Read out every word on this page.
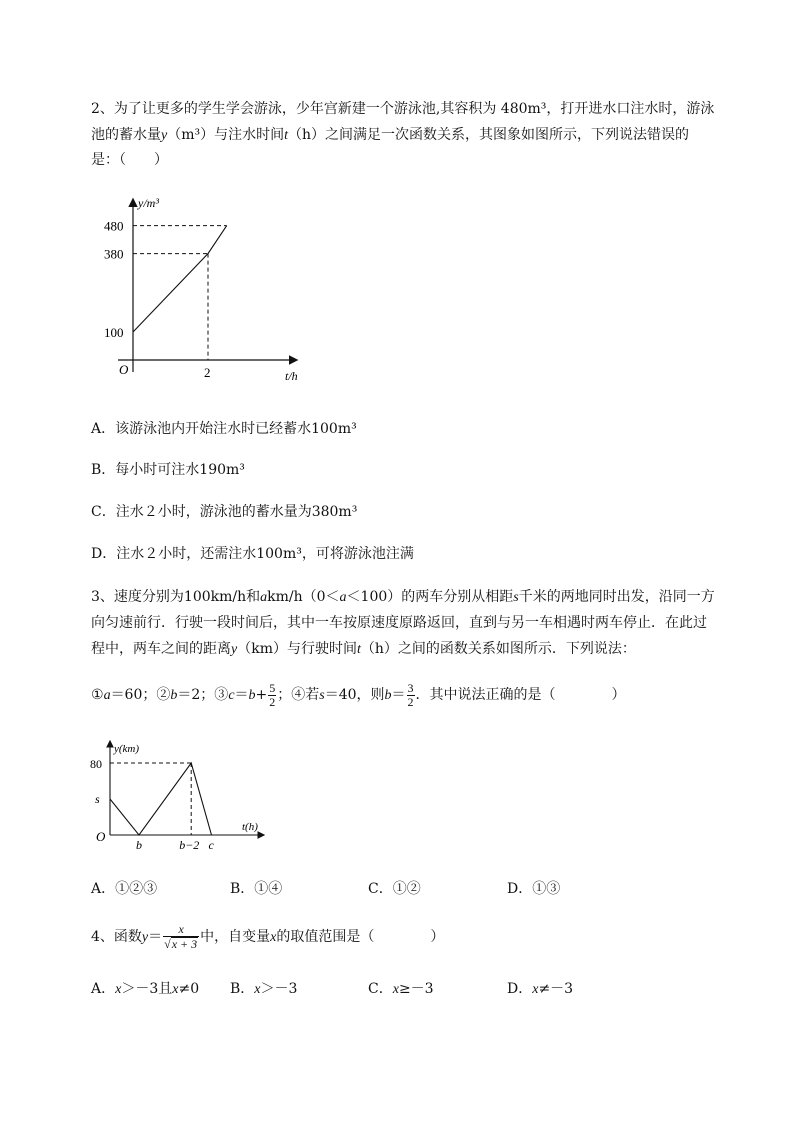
2、为了让更多的学生学会游泳，少年宫新建一个游泳池,其容积为 480m³，打开进水口注水时，游泳
池的蓄水量y（m³）与注水时间t（h）之间满足一次函数关系，其图象如图所示，下列说法错误的
是：（　　）
480
380
100
2
y/m³
t/h
O
A．该游泳池内开始注水时已经蓄水100m³
B．每小时可注水190m³
C．注水２小时，游泳池的蓄水量为380m³
D．注水２小时，还需注水100m³，可将游泳池注满
3、速度分别为100km/h和akm/h（0＜a＜100）的两车分别从相距s千米的两地同时出发，沿同一方
向匀速前行．行驶一段时间后，其中一车按原速度原路返回，直到与另一车相遇时两车停止．在此过
程中，两车之间的距离y（km）与行驶时间t（h）之间的函数关系如图所示．下列说法：
①a＝60；②b＝2；③c＝b+ $\frac{5}{2}$ ；④若s＝40，则$b= \frac{3}{2}$ ．其中说法正确的是（　　　　）
80
s
b	b−2 c
y(km)
t(h)
O
A．①②③	B．①④	C．①②	D．①③
4、函数$y= \frac{x}{√x + 3}$ 中，自变量x的取值范围是（　　　　）
A．x＞－3且x≠0 B．x＞－3	C．x≥－3	D．x≠－3
